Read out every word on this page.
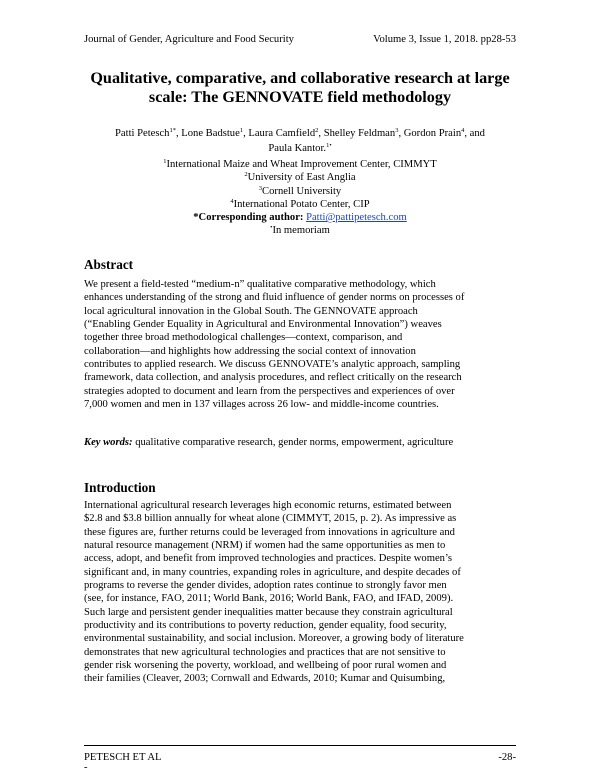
Journal of Gender, Agriculture and Food Security	Volume 3, Issue 1, 2018. pp28-53
Qualitative, comparative, and collaborative research at large
scale: The GENNOVATE field methodology
Patti Petesch$^{1*}$, Lone Badstue$^1$, Laura Camfield$^2$, Shelley Feldman$^3$, Gordon Prain$^4$, and Paula Kantor.$^{1•}$
$^1$International Maize and Wheat Improvement Center, CIMMYT
$^2$University of East Anglia
$^3$Cornell University
$^4$International Potato Center, CIP
*Corresponding author: Patti@pattipetesch.com
•In memoriam
Abstract
We present a field-tested “medium-n” qualitative comparative methodology, which
enhances understanding of the strong and fluid influence of gender norms on processes of
local agricultural innovation in the Global South. The GENNOVATE approach
(“Enabling Gender Equality in Agricultural and Environmental Innovation”) weaves
together three broad methodological challenges—context, comparison, and
collaboration—and highlights how addressing the social context of innovation
contributes to applied research. We discuss GENNOVATE’s analytic approach, sampling
framework, data collection, and analysis procedures, and reflect critically on the research
strategies adopted to document and learn from the perspectives and experiences of over
7,000 women and men in 137 villages across 26 low- and middle-income countries.
Key words: qualitative comparative research, gender norms, empowerment, agriculture
Introduction
International agricultural research leverages high economic returns, estimated between
$2.8 and $3.8 billion annually for wheat alone (CIMMYT, 2015, p. 2). As impressive as
these figures are, further returns could be leveraged from innovations in agriculture and
natural resource management (NRM) if women had the same opportunities as men to
access, adopt, and benefit from improved technologies and practices. Despite women’s
significant and, in many countries, expanding roles in agriculture, and despite decades of
programs to reverse the gender divides, adoption rates continue to strongly favor men
(see, for instance, FAO, 2011; World Bank, 2016; World Bank, FAO, and IFAD, 2009).
Such large and persistent gender inequalities matter because they constrain agricultural
productivity and its contributions to poverty reduction, gender equality, food security,
environmental sustainability, and social inclusion. Moreover, a growing body of literature
demonstrates that new agricultural technologies and practices that are not sensitive to
gender risk worsening the poverty, workload, and wellbeing of poor rural women and
their families (Cleaver, 2003; Cornwall and Edwards, 2010; Kumar and Quisumbing,
PETESCH ET AL	-28-
-
